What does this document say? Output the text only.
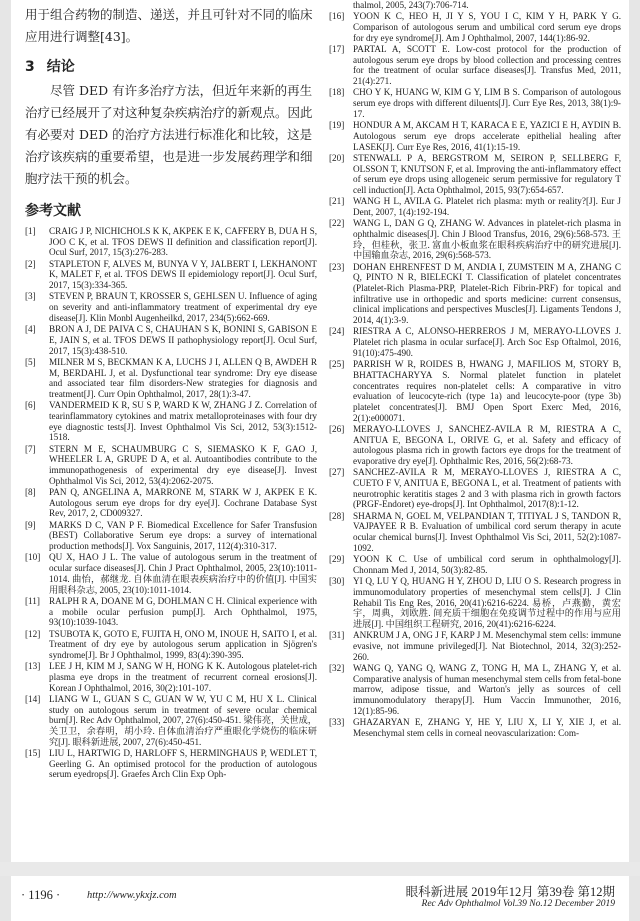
用于组合药物的制造、递送，并且可针对不同的临床应用进行调整[43]。

3 结论

尽管 DED 有许多治疗方法，但近年来新的再生治疗已经展开了对这种复杂疾病治疗的新观点。因此有必要对 DED 的治疗方法进行标准化和比较，这是治疗该疾病的重要希望，也是进一步发展药理学和细胞疗法干预的机会。

参考文献
[1]	CRAIG J P, NICHICHOLS K K, AKPEK E K, CAFFERY B, DUA H S, JOO C K, et al. TFOS DEWS II definition and classification report[J]. Ocul Surf, 2017, 15(3):276-283.
[2]	STAPLETON F, ALVES M, BUNYA V Y, JALBERT I, LEKHANONT K, MALET F, et al. TFOS DEWS II epidemiology report[J]. Ocul Surf, 2017, 15(3):334-365.
[3]	STEVEN P, BRAUN T, KROSSER S, GEHLSEN U. Influence of aging on severity and anti-inflammatory treatment of experimental dry eye disease[J]. Klin Monbl Augenheilkd, 2017, 234(5):662-669.
[4]	BRON A J, DE PAIVA C S, CHAUHAN S K, BONINI S, GABISON E E, JAIN S, et al. TFOS DEWS II pathophysiology report[J]. Ocul Surf, 2017, 15(3):438-510.
[5]	MILNER M S, BECKMAN K A, LUCHS J I, ALLEN Q B, AWDEH R M, BERDAHL J, et al. Dysfunctional tear syndrome: Dry eye disease and associated tear film disorders-New strategies for diagnosis and treatment[J]. Curr Opin Ophthalmol, 2017, 28(1):3-47.
[6]	VANDERMEID K R, SU S P, WARD K W, ZHANG J Z. Correlation of tearinflammatory cytokines and matrix metalloproteinases with four dry eye diagnostic tests[J]. Invest Ophthalmol Vis Sci, 2012, 53(3):1512-1518.
[7]	STERN M E, SCHAUMBURG C S, SIEMASKO K F, GAO J, WHEELER L A, GRUPE D A, et al. Autoantibodies contribute to the immunopathogenesis of experimental dry eye disease[J]. Invest Ophthalmol Vis Sci, 2012, 53(4):2062-2075.
[8]	PAN Q, ANGELINA A, MARRONE M, STARK W J, AKPEK E K. Autologous serum eye drops for dry eye[J]. Cochrane Database Syst Rev, 2017, 2, CD009327.
[9]	MARKS D C, VAN P F. Biomedical Excellence for Safer Transfusion (BEST) Collaborative Serum eye drops: a survey of international production methods[J]. Vox Sanguinis, 2017, 112(4):310-317.
[10] QU X, HAO J L. The value of autologous serum in the treatment of ocular surface diseases[J]. Chin J Pract Ophthalmol, 2005, 23(10):1011-1014. 曲怡，郝继龙. 自体血清在眼表疾病治疗中的价值[J]. 中国实用眼科杂志, 2005, 23(10):1011-1014.
[11] RALPH R A, DOANE M G, DOHLMAN C H. Clinical experience with a mobile ocular perfusion pump[J]. Arch Ophthalmol, 1975, 93(10):1039-1043.
[12] TSUBOTA K, GOTO E, FUJITA H, ONO M, INOUE H, SAITO I, et al. Treatment of dry eye by autologous serum application in Sjögren's syndrome[J]. Br J Ophthalmol, 1999, 83(4):390-395.
[13] LEE J H, KIM M J, SANG W H, HONG K K. Autologous platelet-rich plasma eye drops in the treatment of recurrent corneal erosions[J]. Korean J Ophthalmol, 2016, 30(2):101-107.
[14] LIANG W L, GUAN S C, GUAN W W, YU C M, HU X L. Clinical study on autologous serum in treatment of severe ocular chemical burn[J]. Rec Adv Ophthalmol, 2007, 27(6):450-451. 梁伟亮，关世成，关卫卫，余春明，胡小玲. 自体血清治疗严重眼化学烧伤的临床研究[J]. 眼科新进展, 2007, 27(6):450-451.
[15] LIU L, HARTWIG D, HARLOFF S, HERMINGHAUS P, WEDLET T, Geerling G. An optimised protocol for the production of autologous serum eyedrops[J]. Graefes Arch Clin Exp Oph-
thalmol, 2005, 243(7):706-714.
[16] YOON K C, HEO H, JI Y S, YOU I C, KIM Y H, PARK Y G. Comparison of autologous serum and umbilical cord serum eye drops for dry eye syndrome[J]. Am J Ophthalmol, 2007, 144(1):86-92.
[17] PARTAL A, SCOTT E. Low-cost protocol for the production of autologous serum eye drops by blood collection and processing centres for the treatment of ocular surface diseases[J]. Transfus Med, 2011, 21(4):271.
[18] CHO Y K, HUANG W, KIM G Y, LIM B S. Comparison of autologous serum eye drops with different diluents[J]. Curr Eye Res, 2013, 38(1):9-17.
[19] HONDUR A M, AKCAM H T, KARACA E E, YAZICI E H, AYDIN B. Autologous serum eye drops accelerate epithelial healing after LASEK[J]. Curr Eye Res, 2016, 41(1):15-19.
[20] STENWALL P A, BERGSTROM M, SEIRON P, SELLBERG F, OLSSON T, KNUTSON F, et al. Improving the anti-inflammatory effect of serum eye drops using allogeneic serum permissive for regulatory T cell induction[J]. Acta Ophthalmol, 2015, 93(7):654-657.
[21] WANG H L, AVILA G. Platelet rich plasma: myth or reality?[J]. Eur J Dent, 2007, 1(4):192-194.
[22] WANG L, DAN G Q, ZHANG W. Advances in platelet-rich plasma in ophthalmic diseases[J]. Chin J Blood Transfus, 2016, 29(6):568-573. 王玲，但桂秋，张卫. 富血小板血浆在眼科疾病治疗中的研究进展[J]. 中国输血杂志, 2016, 29(6):568-573.
[23] DOHAN EHRENFEST D M, ANDIA I, ZUMSTEIN M A, ZHANG C Q, PINTO N R, BIELECKI T. Classification of platelet concentrates (Platelet-Rich Plasma-PRP, Platelet-Rich Fibrin-PRF) for topical and infiltrative use in orthopedic and sports medicine: current consensus, clinical implications and perspectives Muscles[J]. Ligaments Tendons J, 2014, 4(1):3-9.
[24] RIESTRA A C, ALONSO-HERREROS J M, MERAYO-LLOVES J. Platelet rich plasma in ocular surface[J]. Arch Soc Esp Oftalmol, 2016, 91(10):475-490.
[25] PARRISH W R, ROIDES B, HWANG J, MAFILIOS M, STORY B, BHATTACHARYYA S. Normal platelet function in platelet concentrates requires non-platelet cells: A comparative in vitro evaluation of leucocyte-rich (type 1a) and leucocyte-poor (type 3b) platelet concentrates[J]. BMJ Open Sport Exerc Med, 2016, 2(1):e000071.
[26] MERAYO-LLOVES J, SANCHEZ-AVILA R M, RIESTRA A C, ANITUA E, BEGONA L, ORIVE G, et al. Safety and efficacy of autologous plasma rich in growth factors eye drops for the treatment of evaporative dry eye[J]. Ophthalmic Res, 2016, 56(2):68-73.
[27] SANCHEZ-AVILA R M, MERAYO-LLOVES J, RIESTRA A C, CUETO F V, ANITUA E, BEGONA L, et al. Treatment of patients with neurotrophic keratitis stages 2 and 3 with plasma rich in growth factors (PRGF-Endoret) eye-drops[J]. Int Ophthalmol, 2017(8):1-12.
[28] SHARMA N, GOEL M, VELPANDIAN T, TITIYAL J S, TANDON R, VAJPAYEE R B. Evaluation of umbilical cord serum therapy in acute ocular chemical burns[J]. Invest Ophthalmol Vis Sci, 2011, 52(2):1087-1092.
[29] YOON K C. Use of umbilical cord serum in ophthalmology[J]. Chonnam Med J, 2014, 50(3):82-85.
[30] YI Q, LU Y Q, HUANG H Y, ZHOU D, LIU O S. Research progress in immunomodulatory properties of mesenchymal stem cells[J]. J Clin Rehabil Tis Eng Res, 2016, 20(41):6216-6224. 易桥，卢燕勤，黄宏宇，周典，刘欧胜. 间充质干细胞在免疫调节过程中的作用与应用进展[J]. 中国组织工程研究, 2016, 20(41):6216-6224.
[31] ANKRUM J A, ONG J F, KARP J M. Mesenchymal stem cells: immune evasive, not immune privileged[J]. Nat Biotechnol, 2014, 32(3):252-260.
[32] WANG Q, YANG Q, WANG Z, TONG H, MA L, ZHANG Y, et al. Comparative analysis of human mesenchymal stem cells from fetal-bone marrow, adipose tissue, and Warton's jelly as sources of cell immunomodulatory therapy[J]. Hum Vaccin Immunother, 2016, 12(1):85-96.
[33] GHAZARYAN E, ZHANG Y, HE Y, LIU X, LI Y, XIE J, et al. Mesenchymal stem cells in corneal neovascularization: Com-
· 1196 ·	http://www.ykxjz.com	眼科新进展 2019年12月 第39卷 第12期
Rec Adv Ophthalmol Vol.39 No.12 December 2019
